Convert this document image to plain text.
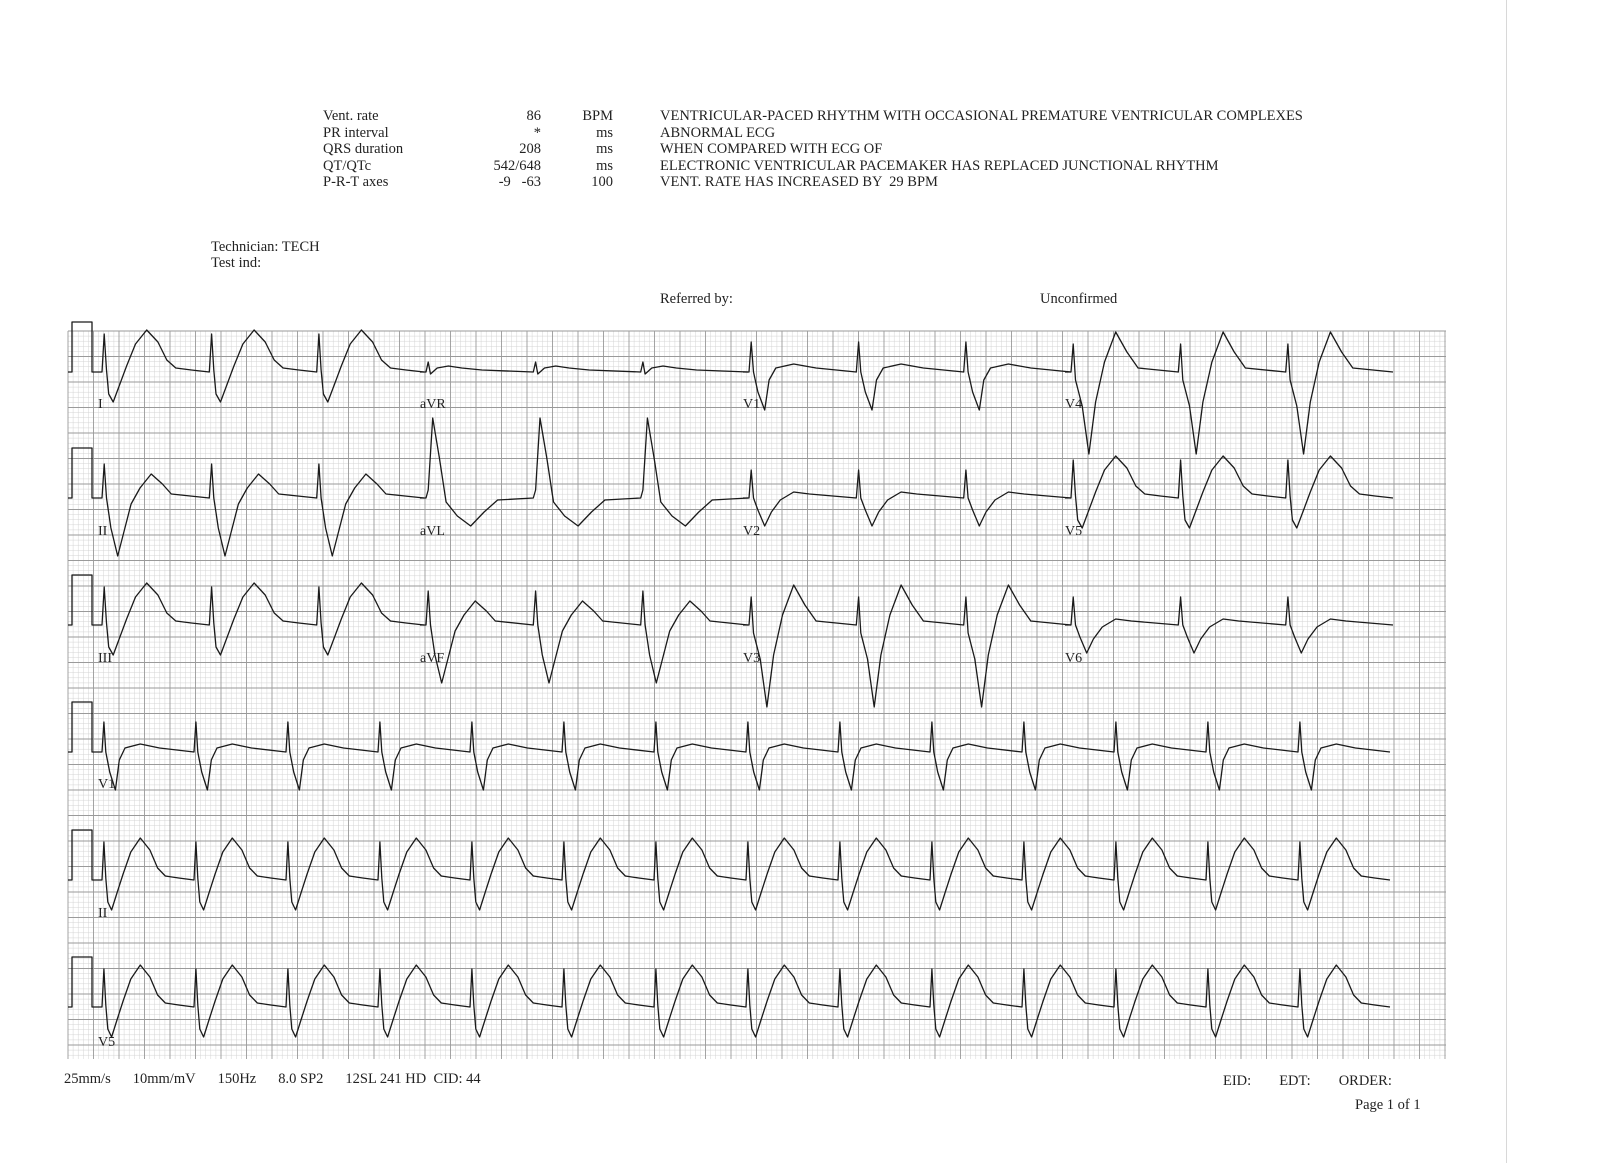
Vent. rate	86	BPM
PR interval	*	ms
QRS duration	208	ms
QT/QTc	542/648	ms
P-R-T axes	-9   -63	100
VENTRICULAR-PACED RHYTHM WITH OCCASIONAL PREMATURE VENTRICULAR COMPLEXES
ABNORMAL ECG
WHEN COMPARED WITH ECG OF
ELECTRONIC VENTRICULAR PACEMAKER HAS REPLACED JUNCTIONAL RHYTHM
VENT. RATE HAS INCREASED BY  29 BPM
Technician: TECH
Test ind:
Referred by:	Unconfirmed
I	aVR	V1	V4
II	aVL	V2	V5
III	aVF	V3	V6
V1
II
V5
25mm/s 10mm/mV 150Hz 8.0 SP2 12SL 241 HD  CID: 44	EID: EDT: ORDER:
Page 1 of 1
